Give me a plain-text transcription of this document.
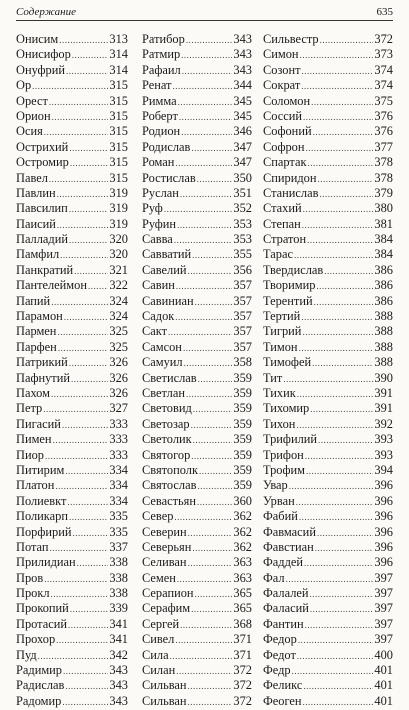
Содержание	635
Онисим .....	313
Онисифор .....	314
Онуфрий .....	314
Ор .....	315
Орест .....	315
Орион .....	315
Осия .....	315
Острихий .....	315
Остромир .....	315
Павел .....	315
Павлин .....	319
Павсилип .....	319
Паисий .....	319
Палладий .....	320
Памфил .....	320
Панкратий .....	321
Пантелеймон ..... 322
Папий .....	324
Парамон .....	324
Пармен .....	325
Парфен .....	325
Патрикий .....	326
Пафнутий .....	326
Пахом .....	326
Петр .....	327
Пигасий .....	333
Пимен .....	333
Пиор .....	333
Питирим .....	334
Платон .....	334
Полиевкт .....	334
Поликарп .....	335
Порфирий .....	335
Потап .....	337
Прилидиан .....	338
Пров .....	338
Прокл .....	338
Прокопий .....	339
Протасий .....	341
Прохор .....	341
Пуд .....	342
Радимир .....	343
Радислав .....	343
Радомир .....	343
Ратибор .....	343
Ратмир .....	343
Рафаил .....	343
Ренат .....	344
Римма .....	345
Роберт .....	345
Родион .....	346
Родислав .....	347
Роман .....	347
Ростислав .....	350
Руслан .....	351
Руф .....	352
Руфин .....	353
Савва .....	353
Савватий .....	355
Савелий .....	356
Савин .....	357
Савиниан .....	357
Садок .....	357
Сакт .....	357
Самсон .....	357
Самуил .....	358
Светислав .....	359
Светлан .....	359
Световид .....	359
Светозар .....	359
Светолик .....	359
Святогор .....	359
Святополк .....	359
Святослав .....	359
Севастьян .....	360
Север .....	362
Северин .....	362
Северьян .....	362
Селиван .....	363
Семен .....	363
Серапион .....	365
Серафим .....	365
Сергей .....	368
Сивел .....	371
Сила .....	371
Силан .....	372
Сильван .....	372
Сильван .....	372
Сильвестр .....	372
Симон .....	373
Созонт .....	374
Сократ .....	374
Соломон .....	375
Соссий .....	376
Софоний .....	376
Софрон .....	377
Спартак .....	378
Спиридон .....	378
Станислав .....	379
Стахий .....	380
Степан .....	381
Стратон .....	384
Тарас .....	384
Твердислав .....	386
Творимир .....	386
Терентий .....	386
Тертий .....	388
Тигрий .....	388
Тимон .....	388
Тимофей .....	388
Тит .....	390
Тихик .....	391
Тихомир .....	391
Тихон .....	392
Трифилий .....	393
Трифон .....	393
Трофим .....	394
Увар .....	396
Урван .....	396
Фабий .....	396
Фавмасий .....	396
Фавстиан .....	396
Фаддей .....	396
Фал .....	397
Фалалей .....	397
Фаласий .....	397
Фантин .....	397
Федор .....	397
Федот .....	400
Федр .....	401
Феликс .....	401
Феоген .....	401
